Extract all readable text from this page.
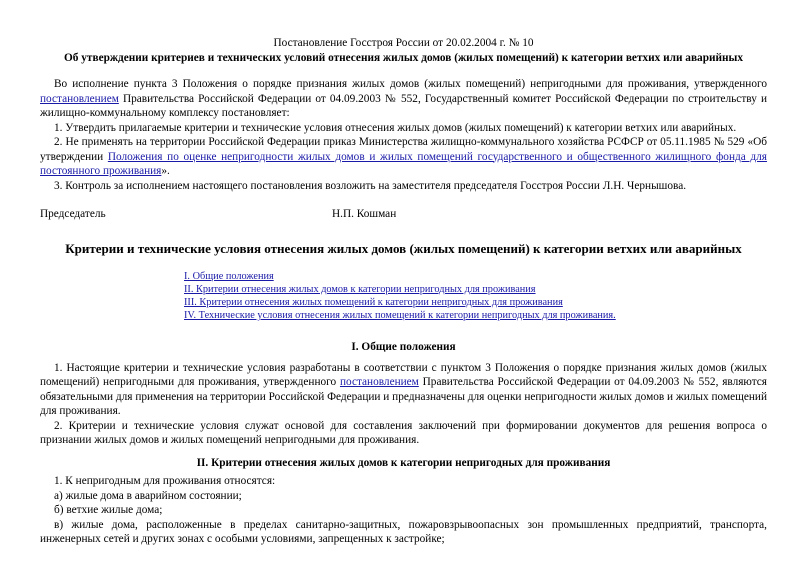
Постановление Госстроя России от 20.02.2004 г. № 10
Об утверждении критериев и технических условий отнесения жилых домов (жилых помещений) к категории ветхих или аварийных

Во исполнение пункта 3 Положения о порядке признания жилых домов (жилых помещений) непригодными для проживания, утвержденного постановлением Правительства Российской Федерации от 04.09.2003 № 552, Государственный комитет Российской Федерации по строительству и жилищно-коммунальному комплексу постановляет:

1. Утвердить прилагаемые критерии и технические условия отнесения жилых домов (жилых помещений) к категории ветхих или аварийных.

2. Не применять на территории Российской Федерации приказ Министерства жилищно-коммунального хозяйства РСФСР от 05.11.1985 № 529 «Об утверждении Положения по оценке непригодности жилых домов и жилых помещений государственного и общественного жилищного фонда для постоянного проживания».

3. Контроль за исполнением настоящего постановления возложить на заместителя председателя Госстроя России Л.Н. Чернышова.

Председатель	Н.П. Кошман
Критерии и технические условия отнесения жилых домов (жилых помещений) к категории ветхих или аварийных
I. Общие положения
II. Критерии отнесения жилых домов к категории непригодных для проживания
III. Критерии отнесения жилых помещений к категории непригодных для проживания
IV. Технические условия отнесения жилых помещений к категории непригодных для проживания.
I. Общие положения

1. Настоящие критерии и технические условия разработаны в соответствии с пунктом 3 Положения о порядке признания жилых домов (жилых помещений) непригодными для проживания, утвержденного постановлением Правительства Российской Федерации от 04.09.2003 № 552, являются обязательными для применения на территории Российской Федерации и предназначены для оценки непригодности жилых домов и жилых помещений для проживания.

2. Критерии и технические условия служат основой для составления заключений при формировании документов для решения вопроса о признании жилых домов и жилых помещений непригодными для проживания.

II. Критерии отнесения жилых домов к категории непригодных для проживания

1. К непригодным для проживания относятся:

а) жилые дома в аварийном состоянии;

б) ветхие жилые дома;

в) жилые дома, расположенные в пределах санитарно-защитных, пожаровзрывоопасных зон промышленных предприятий, транспорта, инженерных сетей и других зонах с особыми условиями, запрещенных к застройке;
